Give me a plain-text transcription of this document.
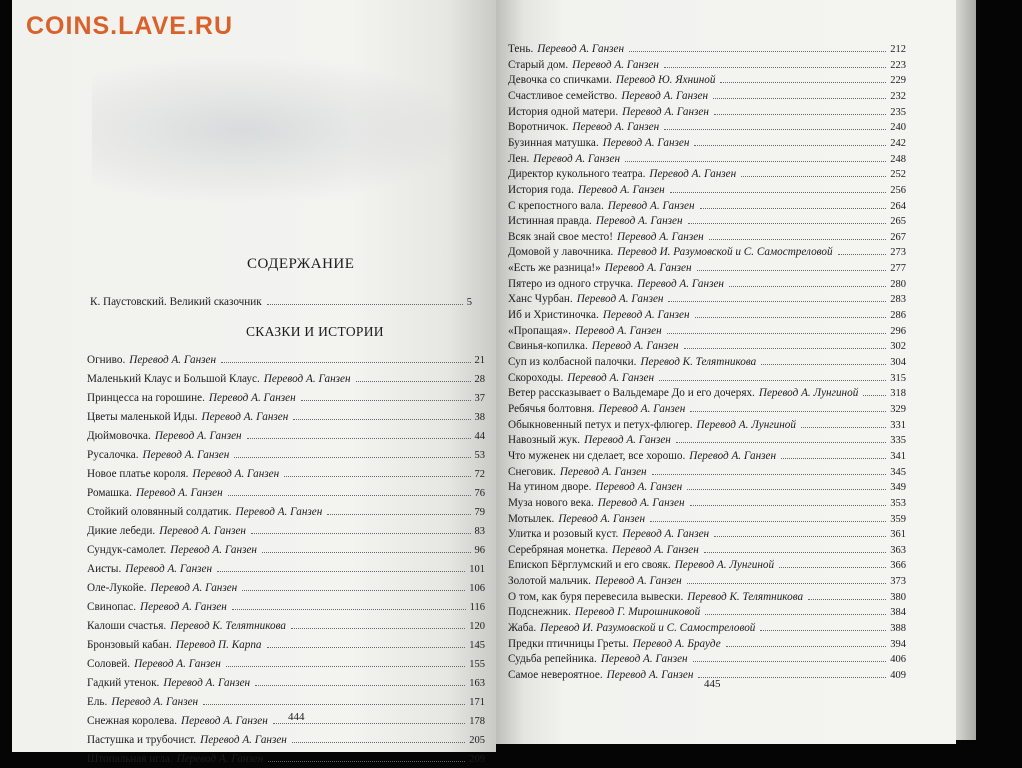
COINS.LAVE.RU
СОДЕРЖАНИЕ
К. Паустовский. Великий сказочник	5
СКАЗКИ И ИСТОРИИ
Огниво. Перевод А. Ганзен	21
Маленький Клаус и Большой Клаус. Перевод А. Ганзен	28
Принцесса на горошине. Перевод А. Ганзен	37
Цветы маленькой Иды. Перевод А. Ганзен	38
Дюймовочка. Перевод А. Ганзен	44
Русалочка. Перевод А. Ганзен	53
Новое платье короля. Перевод А. Ганзен	72
Ромашка. Перевод А. Ганзен	76
Стойкий оловянный солдатик. Перевод А. Ганзен	79
Дикие лебеди. Перевод А. Ганзен	83
Сундук-самолет. Перевод А. Ганзен	96
Аисты. Перевод А. Ганзен	101
Оле-Лукойе. Перевод А. Ганзен	106
Свинопас. Перевод А. Ганзен	116
Калоши счастья. Перевод К. Телятникова	120
Бронзовый кабан. Перевод П. Карпа	145
Соловей. Перевод А. Ганзен	155
Гадкий утенок. Перевод А. Ганзен	163
Ель. Перевод А. Ганзен	171
Снежная королева. Перевод А. Ганзен	178
Пастушка и трубочист. Перевод А. Ганзен	205
Штопальная игла. Перевод А. Ганзен	209
444
Тень. Перевод А. Ганзен	212
Старый дом. Перевод А. Ганзен	223
Девочка со спичками. Перевод Ю. Яхниной	229
Счастливое семейство. Перевод А. Ганзен	232
История одной матери. Перевод А. Ганзен	235
Воротничок. Перевод А. Ганзен	240
Бузинная матушка. Перевод А. Ганзен	242
Лен. Перевод А. Ганзен	248
Директор кукольного театра. Перевод А. Ганзен	252
История года. Перевод А. Ганзен	256
С крепостного вала. Перевод А. Ганзен	264
Истинная правда. Перевод А. Ганзен	265
Всяк знай свое место! Перевод А. Ганзен	267
Домовой у лавочника. Перевод И. Разумовской и С. Самостреловой	273
«Есть же разница!» Перевод А. Ганзен	277
Пятеро из одного стручка. Перевод А. Ганзен	280
Ханс Чурбан. Перевод А. Ганзен	283
Иб и Христиночка. Перевод А. Ганзен	286
«Пропащая». Перевод А. Ганзен	296
Свинья-копилка. Перевод А. Ганзен	302
Суп из колбасной палочки. Перевод К. Телятникова	304
Скороходы. Перевод А. Ганзен	315
Ветер рассказывает о Вальдемаре До и его дочерях. Перевод А. Лунгиной	318
Ребячья болтовня. Перевод А. Ганзен	329
Обыкновенный петух и петух-флюгер. Перевод А. Лунгиной	331
Навозный жук. Перевод А. Ганзен	335
Что муженек ни сделает, все хорошо. Перевод А. Ганзен	341
Снеговик. Перевод А. Ганзен	345
На утином дворе. Перевод А. Ганзен	349
Муза нового века. Перевод А. Ганзен	353
Мотылек. Перевод А. Ганзен	359
Улитка и розовый куст. Перевод А. Ганзен	361
Серебряная монетка. Перевод А. Ганзен	363
Епископ Бёрглумский и его свояк. Перевод А. Лунгиной	366
Золотой мальчик. Перевод А. Ганзен	373
О том, как буря перевесила вывески. Перевод К. Телятникова	380
Подснежник. Перевод Г. Мирошниковой	384
Жаба. Перевод И. Разумовской и С. Самостреловой	388
Предки птичницы Греты. Перевод А. Брауде	394
Судьба репейника. Перевод А. Ганзен	406
Самое невероятное. Перевод А. Ганзен	409
445
